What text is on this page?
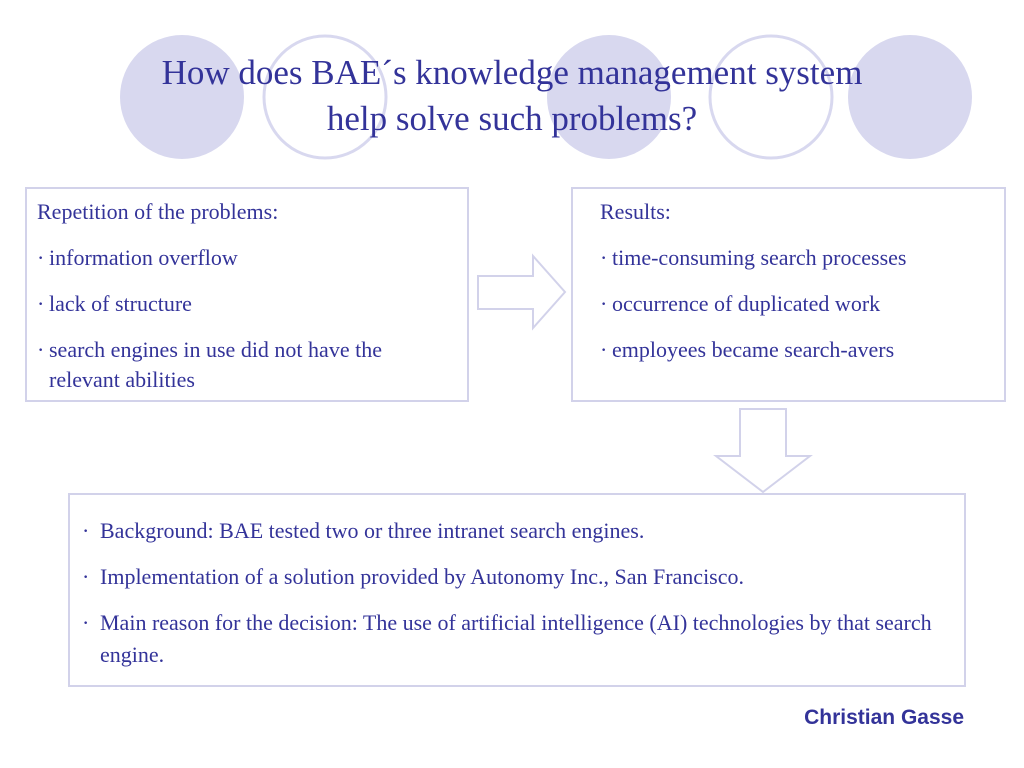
How does BAE´s knowledge management system
help solve such problems?

Repetition of the problems:

· information overflow
· lack of structure
· search engines in use did not have the relevant abilities

Results:

· time-consuming search processes
· occurrence of duplicated work
· employees became search-avers
· Background: BAE tested two or three intranet search engines.
· Implementation of a solution provided by Autonomy Inc., San Francisco.
· Main reason for the decision: The use of artificial intelligence (AI) technologies by that search engine.
Christian Gasse
